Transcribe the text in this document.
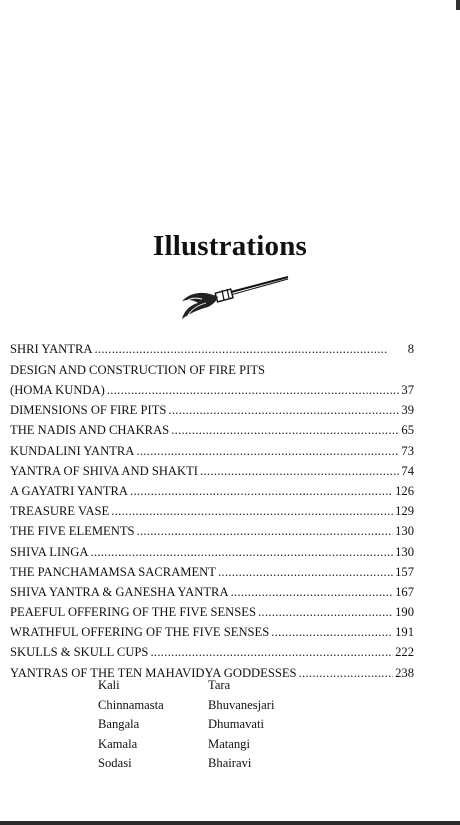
Illustrations
SHRI YANTRA .....	8
DESIGN AND CONSTRUCTION OF FIRE PITS
(HOMA KUNDA) .....	37
DIMENSIONS OF FIRE PITS .....	39
THE NADIS AND CHAKRAS .....	65
KUNDALINI YANTRA .....	73
YANTRA OF SHIVA AND SHAKTI .....	74
A GAYATRI YANTRA .....	126
TREASURE VASE .....	129
THE FIVE ELEMENTS .....	130
SHIVA LINGA .....	130
THE PANCHAMAMSA SACRAMENT .....	157
SHIVA YANTRA & GANESHA YANTRA .....	167
PEAEFUL OFFERING OF THE FIVE SENSES .....	190
WRATHFUL OFFERING OF THE FIVE SENSES .....	191
SKULLS & SKULL CUPS .....	222
YANTRAS OF THE TEN MAHAVIDYA GODDESSES .....	238
Kali	Tara
Chinnamasta	Bhuvanesjari
Bangala	Dhumavati
Kamala	Matangi
Sodasi	Bhairavi
